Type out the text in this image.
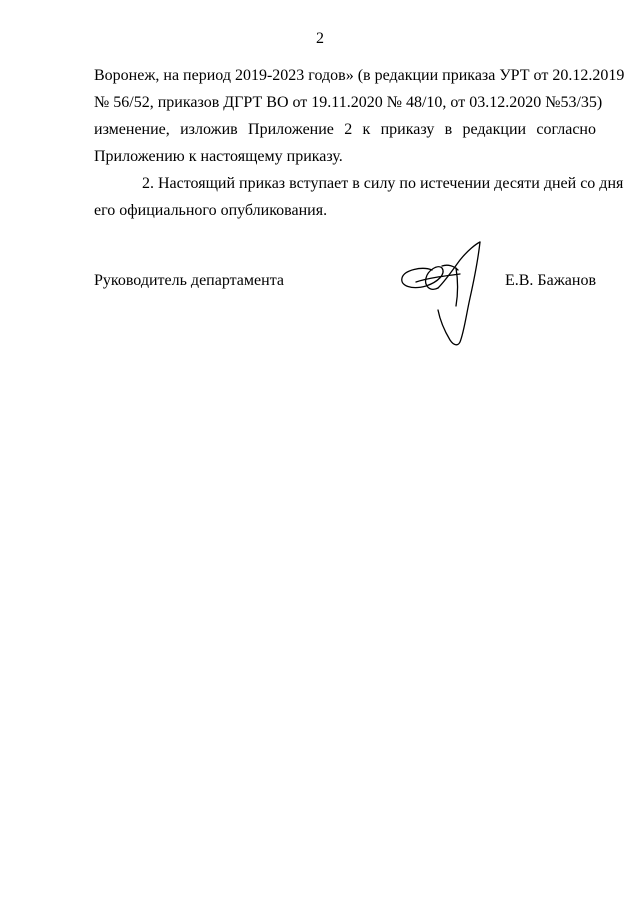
2

Воронеж, на период 2019-2023 годов» (в редакции приказа УРТ от 20.12.2019
№ 56/52, приказов ДГРТ ВО от 19.11.2020 № 48/10, от 03.12.2020 №53/35)
изменение, изложив Приложение 2 к приказу в редакции согласно
Приложению к настоящему приказу.

2. Настоящий приказ вступает в силу по истечении десяти дней со дня
его официального опубликования.

Руководитель департамента	Е.В. Бажанов
